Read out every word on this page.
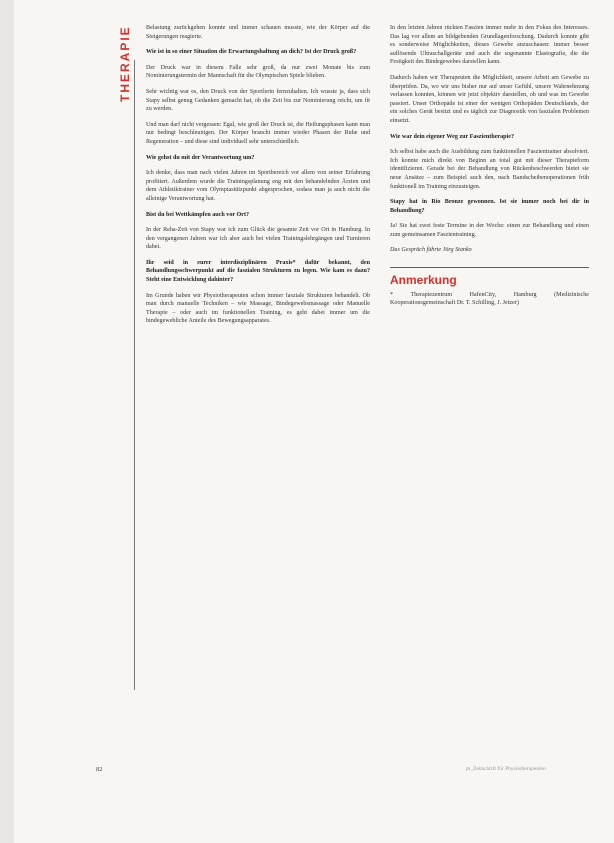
THERAPIE	Belastung zurückgehen konnte und immer schauen musste, wie der Körper auf die Steigerungen reagierte.

Wie ist in so einer Situation die Erwartungshaltung an dich? Ist der Druck groß?

Der Druck war in diesem Falle sehr groß, da nur zwei Monate bis zum Nominierungstermin der Mannschaft für die Olympischen Spiele blieben.

Sehr wichtig war es, den Druck von der Sportlerin fernzuhalten. Ich wusste ja, dass sich Stapy selbst genug Gedanken gemacht hat, ob die Zeit bis zur Nominierung reicht, um fit zu werden.

Und man darf nicht vergessen: Egal, wie groß der Druck ist, die Heilungsphasen kann man nur bedingt beschleunigen. Der Körper braucht immer wieder Phasen der Ruhe und Regeneration – und diese sind individuell sehr unterschiedlich.

Wie gehst du mit der Verantwortung um?

Ich denke, dass man nach vielen Jahren im Sportbereich vor allem von seiner Erfahrung profitiert. Außerdem wurde die Trainingsplanung eng mit den behandelnden Ärzten und dem Athletiktrainer vom Olympiastützpunkt abgesprochen, sodass man ja auch nicht die alleinige Verantwortung hat.

Bist du bei Wettkämpfen auch vor Ort?

In der Reha-Zeit von Stapy war ich zum Glück die gesamte Zeit vor Ort in Hamburg. In den vergangenen Jahren war ich aber auch bei vielen Trainingslehrgängen und Turnieren dabei.

Ihr seid in eurer interdisziplinären Praxis* dafür bekannt, den Behandlungsschwerpunkt auf die faszialen Strukturen zu legen. Wie kam es dazu? Steht eine Entwicklung dahinter?

Im Grunde haben wir Physiotherapeuten schon immer fasziale Strukturen behandelt. Ob man durch manuelle Techniken – wie Massage, Bindegewebsmassage oder Manuelle Therapie – oder auch im funktionellen Training, es geht dabei immer um die bindegewebliche Anteile des Bewegungsapparates.

In den letzten Jahren rückten Faszien immer mehr in den Fokus des Interesses. Das lag vor allem an bildgebenden Grundlagenforschung. Dadurch konnte gibt es sonderweise Möglichkeiten, dieses Gewebe anzuschauen: immer besser auflösende Ultraschallgeräte und auch die sogenannte Elastografie, die die Festigkeit des Bindegewebes darstellen kann.

Dadurch haben wir Therapeuten die Möglichkeit, unsere Arbeit am Gewebe zu überprüfen. Da, wo wir uns bisher nur auf unser Gefühl, unsere Wahrnehmung verlassen konnten, können wir jetzt objektiv darstellen, ob und was im Gewebe passiert. Unser Orthopäde ist einer der wenigen Orthopäden Deutschlands, der ein solches Gerät besitzt und es täglich zur Diagnostik von faszialen Problemen einsetzt.

Wie war dein eigener Weg zur Faszientherapie?

Ich selbst habe auch die Ausbildung zum funktionellen Faszientrainer absolviert. Ich konnte mich direkt von Beginn an total gut mit dieser Therapieform identifizieren. Gerade bei der Behandlung von Rückenbeschwerden bietet sie neue Ansätze – zum Beispiel auch den, nach Bandscheibenoperationen früh funktionell im Training einzusteigen.

Stapy hat in Rio Bronze gewonnen. Ist sie immer noch bei dir in Behandlung?

Ja! Sie hat zwei feste Termine in der Woche: einen zur Behandlung und einen zum gemeinsamen Faszientraining.

Das Gespräch führte Jörg Stanko

Anmerkung

* Therapiezentrum HafenCity, Hamburg (Medizinische Kooperationsgemeinschaft Dr. T. Schilling, J. Jetzer)

82	pt_Zeitschrift für Physiotherapeuten
